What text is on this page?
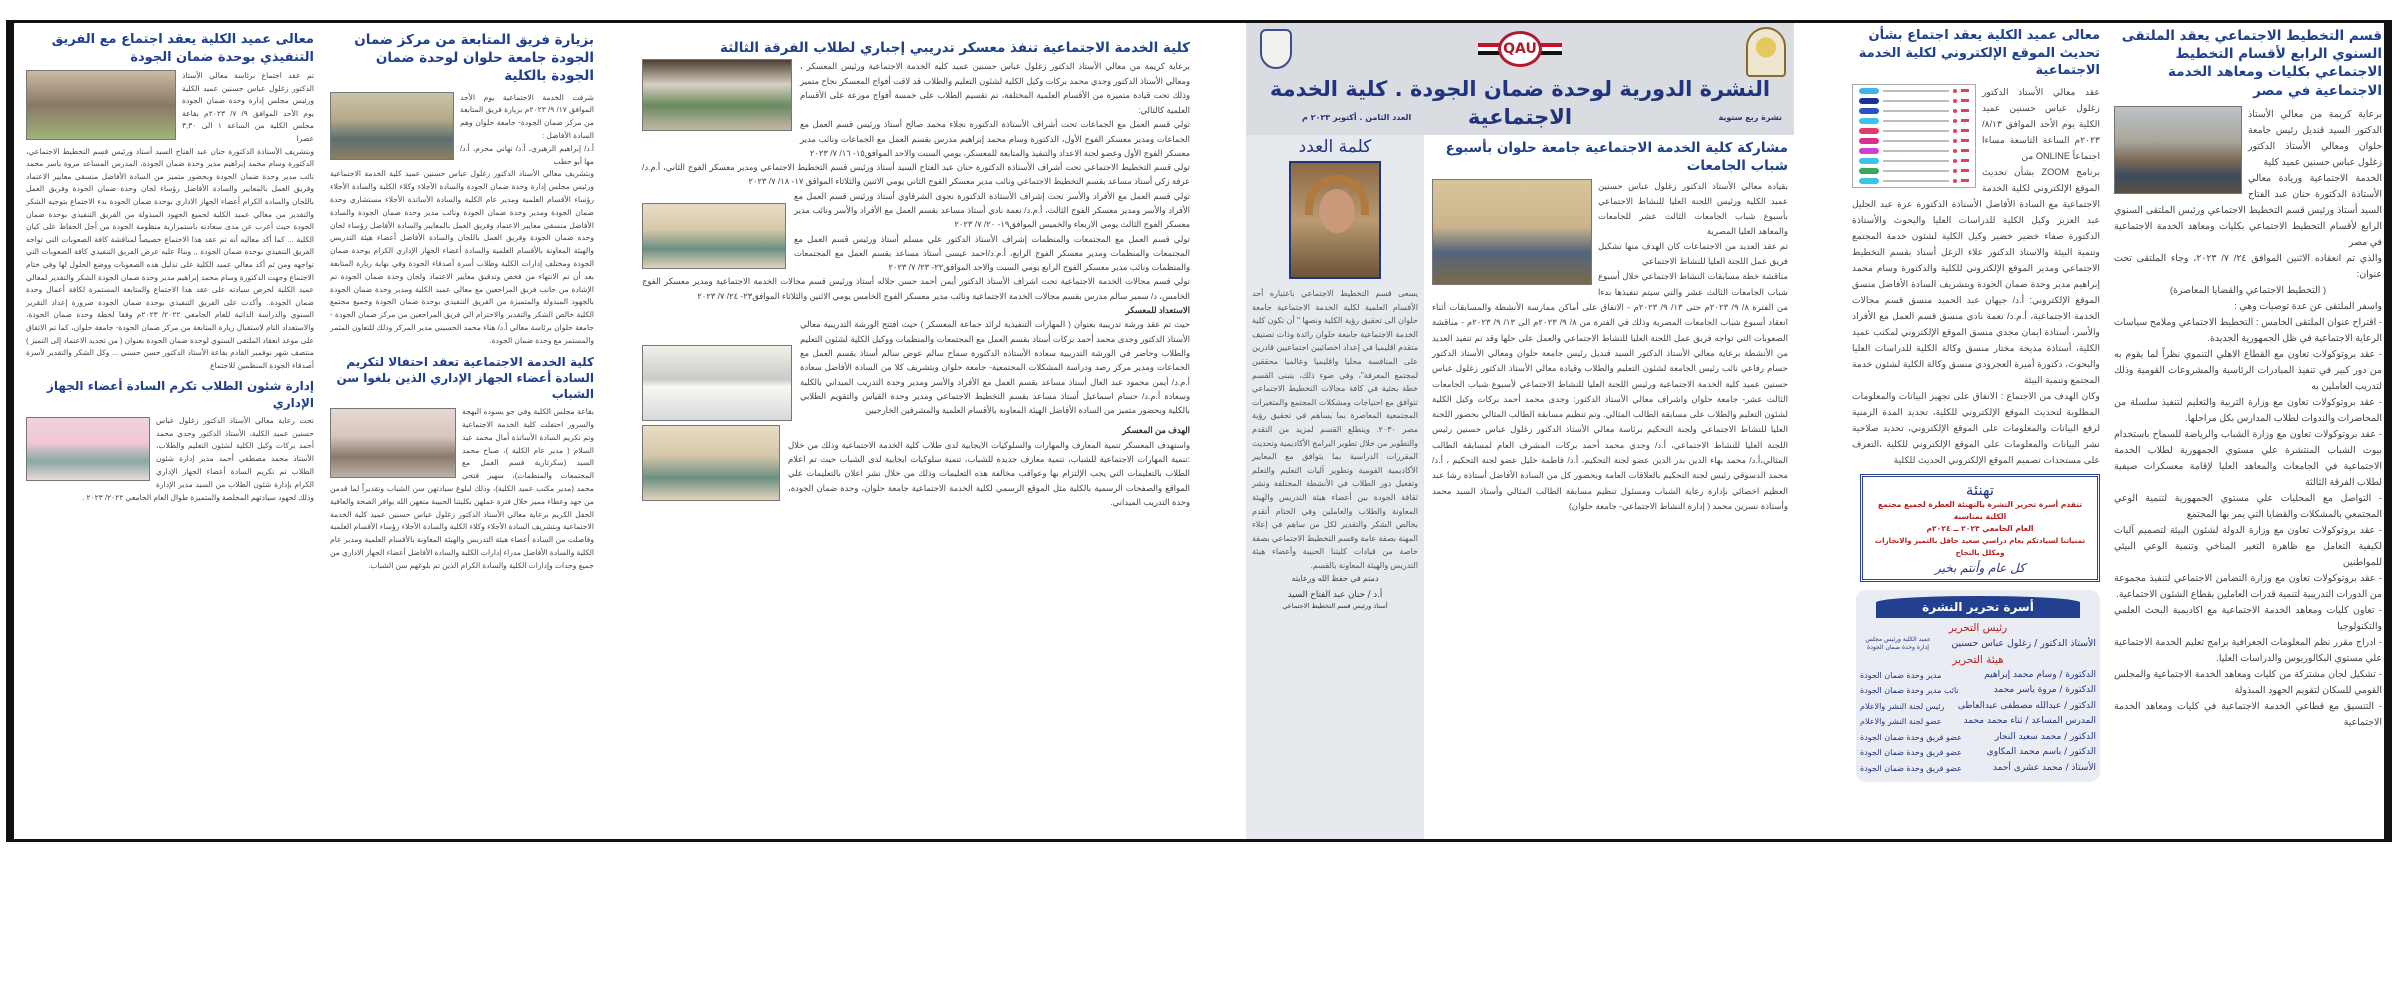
قسم التخطيط الاجتماعي يعقد الملتقى السنوي الرابع لأقسام التخطيط الاجتماعي بكليات ومعاهد الخدمة الاجتماعية في مصر
برعاية كريمة من معالي الأستاذ الدكتور السيد قنديل رئيس جامعة حلوان ومعالي الأستاذ الدكتور زغلول عباس حسنين عميد كلية
الخدمة الاجتماعية وريادة معالي الأستاذة الدكتورة حنان عبد الفتاح السيد أستاذ ورئيس قسم التخطيط الاجتماعي ورئيس الملتقى السنوي الرابع لأقسام التخطيط الاجتماعي بكليات ومعاهد الخدمة الاجتماعية في مصر
والذي تم انعقاده الاثنين الموافق ٢٤/ ٧/ ٢٠٢٣، وجاء الملتقى تحت عنوان:
( التخطيط الاجتماعي والقضايا المعاصرة)
واسفر الملتقى عن عدة توصيات وهي :
- اقتراح عنوان الملتقى الخامس : التخطيط الاجتماعي وملامح سياسات الرعاية الاجتماعية في ظل الجمهورية الجديدة.
- عقد بروتوكولات تعاون مع القطاع الاهلي التنموي نظراً لما يقوم به من دور كبير في تنفيذ المبادرات الرئاسية والمشروعات القومية وذلك لتدريب العاملين به
- عقد بروتوكولات تعاون مع وزارة التربية والتعليم لتنفيذ سلسلة من المحاضرات والندوات لطلاب المدارس بكل مراحلها.
- عقد بروتوكولات تعاون مع وزارة الشباب والرياضة للسماح باستخدام بيوت الشباب المنتشرة علي مستوي الجمهورية لطلاب الخدمة الاجتماعية في الجامعات والمعاهد العليا لإقامة معسكرات صيفية لطلاب الفرقة الثالثة
- التواصل مع المحليات علي مستوي الجمهورية لتنمية الوعي المجتمعي بالمشكلات والقضايا التي يمر بها المجتمع
- عقد بروتوكولات تعاون مع وزارة الدولة لشئون البيئة لتصميم آليات لكيفية التعامل مع ظاهرة التغير المناخي وتنمية الوعي البيئي للمواطنين
- عقد بروتوكولات تعاون مع وزارة التضامن الاجتماعي لتنفيذ مجموعة من الدورات التدريبية لتنمية قدرات العاملين بقطاع الشئون الاجتماعية.
- تعاون كليات ومعاهد الخدمة الاجتماعية مع اكاديمية البحث العلمي والتكنولوجيا
- ادراج مقرر نظم المعلومات الجغرافية برامج تعليم الخدمة الاجتماعية علي مستوي البكالوريوس والدراسات العليا.
- تشكيل لجان مشتركة من كليات ومعاهد الخدمة الاجتماعية والمجلس القومي للسكان لتقويم الجهود المبذولة
- التنسيق مع قطاعي الخدمة الاجتماعية في كليات ومعاهد الخدمة الاجتماعية
معالى عميد الكلية يعقد اجتماع بشأن تحديث الموقع الإلكتروني لكلية الخدمة الاجتماعية
عقد معالي الأستاذ الدكتور زغلول عباس حسنين عميد الكلية يوم الأحد الموافق ٨/١٣/ ٢٠٢٣م الساعة التاسعة مساءا اجتماعاً ONLINE من
برنامج ZOOM بشأن تحديث الموقع الإلكتروني لكلية الخدمة الاجتماعية مع السادة الأفاضل الأستاذة الدكتورة عزة عبد الجليل عبد العزيز وكيل الكلية للدراسات العليا والبحوث والأستاذة الدكتورة صفاء خضير خضير وكيل الكلية لشئون خدمة المجتمع وتنمية البيئة والاستاذ الدكتور علاء الزغل أستاذ بقسم التخطيط الاجتماعي ومدير الموقع الإلكتروني للكلية والدكتورة وسام محمد إبراهيم مدير وحدة ضمان الجودة وبتشريف السادة الأفاضل منسق الموقع الإلكتروني: أ.د/ جيهان عبد الحميد منسق قسم مجالات الخدمة الاجتماعية، أ.م.د/ نعمة نادي منسق قسم العمل مع الأفراد والأسر، أستاذة ايمان مجدي منسق الموقع الإلكتروني لمكتب عميد الكلية، أستاذة مديحة مختار منسق وكالة الكلية للدراسات العليا والبحوث، دكتورة أميرة العجرودي منسق وكالة الكلية لشئون خدمة المجتمع وتنمية البيئة
وكان الهدف من الاجتماع : الاتفاق على تجهيز البيانات والمعلومات المطلوبة لتحديث الموقع الإلكتروني للكلية، تحديد المدة الزمنية لرفع البيانات والمعلومات على الموقع الإلكتروني، تحديد صلاحية نشر البيانات والمعلومات على الموقع الإلكتروني للكلية ،التعرف على مستجدات تصميم الموقع الإلكتروني الحديث للكلية
تهنئة
تتقدم أسرة تحرير النشرة بالتهنئة العطرة لجميع مجتمع الكلية بمناسبة
العام الجامعي ٢٠٢٣ ــ ٢٠٢٤م
تمنياتنا لسيادتكم بعام دراسي سعيد حافل بالتميز والانجازات ومكلل بالنجاح
كل عام وأنتم بخير
أسرة تحرير النشرة
رئيس التحرير
الأستاذ الدكتور / زغلول عباس حسنين
عميد الكلية ورئيس مجلس إدارة وحدة ضمان الجودة
هيئة التحرير
الدكتورة / وسام محمد إبراهيم
مدير وحدة ضمان الجودة
الدكتورة / مروة ياسر محمد
نائب مدير وحدة ضمان الجودة
الدكتور / عبدالله مصطفى عبدالعاطى
رئيس لجنة النشر والاعلام
المدرس المساعد / ثناء محمد محمد
عضو لجنة النشر والاعلام
الدكتور / محمد سعيد النجار
عضو فريق وحدة ضمان الجودة
الدكتور / باسم محمد المكاوى
عضو فريق وحدة ضمان الجودة
الأستاذ / محمد عشرى أحمد
عضو فريق وحدة ضمان الجودة
QAU
النشرة الدورية لوحدة ضمان الجودة . كلية الخدمة الاجتماعية	نشرة ربع سنوية
العدد الثامن . أكتوبر ٢٠٢٣ م
كلمة العدد
يسعى قسم التخطيط الاجتماعي باعتباره أحد الأقسام العلمية لكلية الخدمة الاجتماعية جامعة حلوان الى تحقيق رؤية الكلية ونصها " أن تكون كلية الخدمة الاجتماعية جامعة حلوان رائدة وذات تصنيف متقدم اقليميا في إعداد اخصائيين اجتماعيين قادرين على المنافسة محليا واقليميا وعالميا محققين لمجتمع المعرفة"، وفي ضوء ذلك، يتبنى القسم خطة بحثية في كافة مجالات التخطيط الاجتماعي تتوافق مع احتياجات ومشكلات المجتمع والمتغيرات المجتمعية المعاصرة بما يساهم في تحقيق رؤية مصر ٢٠٣٠. ويتطلع القسم لمزيد من التقدم والتطوير من خلال تطوير البرامج الأكاديمية وتحديث المقررات الدراسية بما يتوافق مع المعايير الأكاديمية القومية وتطوير آليات التعليم والتعلم وتفعيل دور الطلاب في الأنشطة المختلفة ونشر ثقافة الجودة بين أعضاء هيئة التدريس والهيئة المعاونة والطلاب والعاملين وفي الختام أتقدم بخالص الشكر والتقدير لكل من ساهم في إعلاء المهنة بصفة عامة وقسم التخطيط الاجتماعي بصفة خاصة من قيادات كليتنا الحبيبة وأعضاء هيئة التدريس والهيئة المعاونة بالقسم.
دمتم في حفظ الله ورعايته
أ.د / حنان عبد الفتاح السيد
أستاذ ورئيس قسم التخطيط الاجتماعي
مشاركة كلية الخدمة الاجتماعية جامعة حلوان بأسبوع شباب الجامعات
بقيادة معالي الأستاذ الدكتور زغلول عباس حسنين عميد الكلية ورئيس اللجنة العليا للنشاط الاجتماعي بأسبوع شباب الجامعات الثالث عشر للجامعات والمعاهد العليا المصرية
تم عقد العديد من الاجتماعات كان الهدف منها تشكيل فريق عمل اللجنة العليا للنشاط الاجتماعي
مناقشة خطة مسابقات النشاط الاجتماعي خلال أسبوع شباب الجامعات الثالث عشر والتي سيتم تنفيذها بدءا من الفترة ٨/ ٩/ ٢٠٢٣م حتى ١٣/ ٩/ ٢٠٢٣م - الاتفاق على أماكن ممارسة الأنشطة والمسابقات أثناء انعقاد أسبوع شباب الجامعات المصرية وذلك في الفترة من ٨/ ٩/ ٢٠٢٣م الى ١٣/ ٩/ ٢٠٢٣م - مناقشة الصعوبات التي تواجه فريق عمل اللجنة العليا للنشاط الاجتماعي والعمل على حلها وقد تم تنفيذ العديد من الأنشطة برعاية معالي الأستاذ الدكتور السيد قنديل رئيس جامعة حلوان ومعالي الأستاذ الدكتور حسام رفاعي نائب رئيس الجامعة لشئون التعليم والطلاب وقيادة معالي الأستاذ الدكتور زغلول عباس حسنين عميد كلية الخدمة الاجتماعية ورئيس اللجنة العليا للنشاط الاجتماعي لأسبوع شباب الجامعات الثالث عشر- جامعة حلوان واشراف معالي الأستاذ الدكتور: وجدى محمد أحمد بركات وكيل الكلية لشئون التعليم والطلاب على مسابقة الطالب المثالي. وتم تنظيم مسابقة الطالب المثالي بحضور اللجنة العليا للنشاط الاجتماعي ولجنة التحكيم برئاسة معالي الأستاذ الدكتور زغلول عباس حسنين رئيس اللجنة العليا للنشاط الاجتماعي، أ.د/ وجدي محمد أحمد بركات المشرف العام لمسابقة الطالب المثالي،أ.د/ محمد بهاء الدين بدر الدين عضو لجنة التحكيم، أ.د/ فاطمة خليل عضو لجنة التحكيم ، أ.د/ محمد الدسوقي رئيس لجنة التحكيم بالعلاقات العامة وبحضور كل من السادة الأفاضل أستاذة رشا عبد العظيم اخصائي بإدارة رعاية الشباب ومسئول تنظيم مسابقة الطالب المثالي وأستاذ السيد محمد وأستاذة نسرين محمد ( إدارة النشاط الاجتماعي- جامعة حلوان)
كلية الخدمة الاجتماعية تنفذ معسكر تدريبي إجباري لطلاب الفرقة الثالثة
برعاية كريمة من معالي الأستاذ الدكتور زغلول عباس حسنين عميد كلية الخدمة الاجتماعية ورئيس المعسكر ، ومعالي الأستاذ الدكتور وجدي محمد بركات وكيل الكلية لشئون التعليم والطلاب قد لاقت أفواج المعسكر نجاح متميز وذلك تحت قيادة متميزة من الأقسام العلمية المختلفة، تم تقسيم الطلاب على خمسة أفواج موزعة على الأقسام العلمية كالتالي:
تولي قسم العمل مع الجماعات تحت أشراف الأستاذة الدكتورة نجلاء محمد صالح أستاذ ورئيس قسم العمل مع الجماعات ومدير معسكر الفوج الأول، الدكتورة وسام محمد إبراهيم مدرس بقسم العمل مع الجماعات ونائب مدير معسكر الفوج الأول وعضو لجنة الاعداد والتنفيذ والمتابعة للمعسكر، يومي السبت والاحد الموافق١٥- ١٦/ ٧/ ٢٠٢٣
تولي قسم التخطيط الاجتماعي تحت أشراف الأستاذة الدكتورة حنان عبد الفتاح السيد أستاذ ورئيس قسم التخطيط الاجتماعي ومدير معسكر الفوج الثاني، أ.م.د/ عرفة زكي أستاذ مساعد بقسم التخطيط الاجتماعي ونائب مدير معسكر الفوج الثاني يومي الاثنين والثلاثاء الموافق ١٧- ١٨/ ٧/ ٢٠٢٣
تولي قسم العمل مع الأفراد والأسر تحت إشراف الأستاذة الدكتورة نجوى الشرقاوي أستاذ ورئيس قسم العمل مع الأفراد والأسر ومدير معسكر الفوج الثالث، أ.م.د/ نعمة نادي أستاذ مساعد بقسم العمل مع الأفراد والأسر ونائب مدير معسكر الفوج الثالث يومي الاربعاء والخميس الموافق١٩- ٢٠/ ٧/ ٢٠٢٣
تولي قسم العمل مع المجتمعات والمنظمات إشراف الأستاذ الدكتور علي مسلم أستاذ ورئيس قسم العمل مع المجتمعات والمنظمات ومدير معسكر الفوج الرابع، أ.م.د/احمد عيسى أستاذ مساعد بقسم العمل مع المجتمعات والمنظمات ونائب مدير معسكر الفوج الرابع يومي السبت والاحد الموافق٢٢- ٢٣/ ٧/ ٢٠٢٣
تولي قسم مجالات الخدمة الاجتماعية تحت اشراف الأستاذ الدكتور أيمن أحمد حسن جلاله أستاذ ورئيس قسم مجالات الخدمة الاجتماعية ومدير معسكر الفوج الخامس، د/ سمير سالم مدرس بقسم مجالات الخدمة الاجتماعية ونائب مدير معسكر الفوج الخامس يومي الاثنين والثلاثاء الموافق٢٣- ٢٤/ ٧/ ٢٠٢٣
الاستعداد للمعسكر
حيث تم عقد ورشة تدريبية بعنوان ( المهارات التنفيذية لرائد جماعة المعسكر ) حيث افتتح الورشة التدريبية معالي الأستاذ الدكتور وجدى محمد أحمد بركات أستاذ بقسم العمل مع المجتمعات والمنظمات ووكيل الكلية لشئون التعليم والطلاب وحاضر في الورشة التدريبية سعادة الأستاذة الدكتورة سماح سالم عوض سالم أستاذ بقسم العمل مع الجماعات ومدير مركز رصد ودراسة المشكلات المجتمعية- جامعة حلوان وبتشريف كلا من السادة الأفاضل سعادة أ.م.د/ أيمن محمود عبد العال أستاذ مساعد بقسم العمل مع الأفراد والأسر ومدير وحدة التدريب الميداني بالكلية وسعادة أ.م.د/ حسام اسماعيل أستاذ مساعد بقسم التخطيط الاجتماعي ومدير وحدة القياس والتقويم الطلابي بالكلية وبحضور متميز من السادة الأفاضل الهيئة المعاونة بالأقسام العلمية والمشرفين الخارجيين
الهدف من المعسكر
واستهدف المعسكر تنمية المعارف والمهارات والسلوكيات الايجابية لدى طلاب كلية الخدمة الاجتماعية وذلك من خلال :تنمية المهارات الاجتماعية للشباب، تنمية معارف جديدة للشباب، تنمية سلوكيات ايجابية لدى الشباب حيث تم اعلام الطلاب بالتعليمات التي يجب الإلتزام بها وعواقب مخالفة هذه التعليمات وذلك من خلال نشر اعلان بالتعليمات علي المواقع والصفحات الرسمية بالكلية مثل الموقع الرسمي لكلية الخدمة الاجتماعية جامعة حلوان، وحدة ضمان الجودة، وحدة التدريب الميداني.
بزيارة فريق المتابعة من مركز ضمان الجودة جامعة حلوان لوحدة ضمان الجودة بالكلية
شرفت الخدمة الاجتماعية يوم الأحد الموافق ١٧/ ٩/ ٢٠٢٣م بزيارة فريق المتابعة من مركز ضمان الجودة- جامعة حلوان وهم السادة الأفاضل :
أ.د/ إبراهيم الزهيري، أ.د/ تهاني محرم، أ.د/ مها أبو حطب
وبتشريف معالي الأستاذ الدكتور زغلول عباس حسنين عميد كلية الخدمة الاجتماعية ورئيس مجلس إدارة وحدة ضمان الجودة والسادة الأجلاء وكلاء الكلية والسادة الأجلاء رؤساء الأقسام العلمية ومدير عام الكلية والسادة الأساتذة الأجلاء مستشاري وحدة ضمان الجودة ومدير وحدة ضمان الجودة ونائب مدير وحدة ضمان الجودة والسادة الأفاضل منسقي معايير الاعتماد وفريق العمل بالمعايير والسادة الأفاضل رؤساء لجان وحدة ضمان الجودة وفريق العمل باللجان والسادة الأفاضل أعضاء هيئة التدريس والهيئة المعاونة بالأقسام العلمية والسادة أعضاء الجهاز الإداري الكرام بوحدة ضمان الجودة ومختلف إدارات الكلية وطلاب أسرة أصدقاء الجودة وفي نهاية زيارة المتابعة بعد أن تم الانتهاء من فحص وتدقيق معايير الاعتماد ولجان وحدة ضمان الجودة تم الإشادة من جانب فريق المراجعين مع معالي عميد الكلية ومدير وحدة ضمان الجودة بالجهود المبذولة والمتميزة من الفريق التنفيذي بوحدة ضمان الجودة وجميع مجتمع الكلية خالص الشكر والتقدير والاحترام الي فريق المراجعين من مركز ضمان الجودة - جامعة حلوان برئاسة معالي أ.د/ هناء محمد الحسيني مدير المركز وذلك للتعاون المثمر والمستمر مع وحدة ضمان الجودة.
كلية الخدمة الاجتماعية تعقد احتفالا لتكريم السادة أعضاء الجهاز الإداري الذين بلغوا سن الشباب
بقاعة مجلس الكلية وفي جو يسوده البهجة والسرور احتفلت كلية الخدمة الاجتماعية وتم تكريم السادة الأساتذة أمال محمد عبد السلام ( مدير عام الكلية )، صباح محمد السيد (سكرتارية قسم العمل مع المجتمعات والمنظمات)، سهير فتحي محمد (مدير مكتب عميد الكلية)، وذلك لبلوغ سيادتهن سن الشباب وتقديراً لما قدمن من جهد وعطاء مميز خلال فترة عملهن بكليتنا الحبيبة متعهن الله بوافر الصحة والعافية الحفل الكريم برعاية معالي الأستاذ الدكتور زغلول عباس حسنين عميد كلية الخدمة الاجتماعية وبتشريف السادة الأجلاء وكلاء الكلية والسادة الأجلاء رؤساء الأقسام العلمية وفاصلت من السادة أعضاء هيئة التدريس والهيئة المعاونة بالأقسام العلمية ومدير عام الكلية والسادة الأفاضل مدراء إدارات الكلية والسادة الأفاضل أعضاء الجهاز الاداري من جميع وحدات وإدارات الكلية والسادة الكرام الذين تم بلوغهم سن الشباب.
معالى عميد الكلية يعقد اجتماع مع الفريق التنفيذي بوحدة ضمان الجودة
تم عقد اجتماع برئاسة معالي الأستاذ الدكتور زغلول عباس حسنين عميد الكلية ورئيس مجلس إدارة وحدة ضمان الجودة يوم الأحد الموافق ٩/ ٧/ ٢٠٢٣م بقاعة مجلس الكلية من الساعة ١ الى ٣,٣٠ عصرا
وبتشريف الأستاذة الدكتورة حنان عبد الفتاح السيد أستاذ ورئيس قسم التخطيط الاجتماعي، الدكتورة وسام محمد إبراهيم مدير وحدة ضمان الجودة، المدرس المساعد مروة ياسر محمد نائب مدير وحدة ضمان الجودة وبحضور متميز من السادة الأفاضل منسقي معايير الاعتماد وفريق العمل بالمعايير والسادة الأفاضل رؤساء لجان وحدة ضمان الجودة وفريق العمل باللجان والسادة الكرام أعضاء الجهاز الاداري بوحدة ضمان الجودة بدء الاجتماع بتوجيه الشكر والتقدير من معالي عميد الكلية لجميع الجهود المبذولة من الفريق التنفيذي بوحدة ضمان الجودة حيث أعرب عن مدى سعادته باستمرارية منظومة الجودة من أجل الحفاظ على كيان الكلية ... كما أكد معاليه أنه تم عقد هذا الاجتماع خصيصاً لمناقشة كافة الصعوبات التي تواجه الفريق التنفيذي بوحدة ضمان الجودة ,, وبناءً عليه عرض الفريق التنفيذي كافة الصعوبات التي تواجهه ومن ثم أكد معالي عميد الكلية على تذليل هذه الصعوبات ووضع الحلول لها وفي ختام الاجتماع وجهت الدكتورة وسام محمد إبراهيم مدير وحدة ضمان الجودة الشكر والتقدير لمعالي عميد الكلية لحرص سيادته على عقد هذا الاجتماع والمتابعة المستمرة لكافة أعمال وحدة ضمان الجودة.. وأكدت على الفريق التنفيذي بوحدة ضمان الجودة ضرورة إعداد التقرير السنوي والدراسة الذاتية للعام الجامعي ٢٠٢٢/ ٢٠٢٣م وفقا لخطة وحدة ضمان الجودة، والاستعداد التام لاستقبال زيارة المتابعة من مركز ضمان الجودة- جامعة حلوان، كما تم الاتفاق على موعد انعقاد الملتقى السنوي لوحدة ضمان الجودة بعنوان ( من تجديد الاعتماد إلى التميز ) منتصف شهر نوفمبر القادم بقاعة الأستاذ الدكتور حسن حسني ... وكل الشكر والتقدير لأسرة أصدقاء الجودة المنظمين للاجتماع
إدارة شئون الطلاب تكرم السادة أعضاء الجهاز الإداري
تحت رعاية معالي الأستاذ الدكتور زغلول عباس حسنين عميد الكلية، الأستاذ الدكتور وجدي محمد أحمد بركات وكيل الكلية لشئون التعليم والطلاب، الأستاذ محمد مصطفي أحمد مدير إدارة شئون الطلاب تم تكريم السادة أعضاء الجهاز الإداري الكرام بإدارة شئون الطلاب من السيد مدير الإدارة وذلك لجهود سيادتهم المخلصة والمتميزة طوال العام الجامعي ٢٠٢٢/ ٢٠٢٣ .
